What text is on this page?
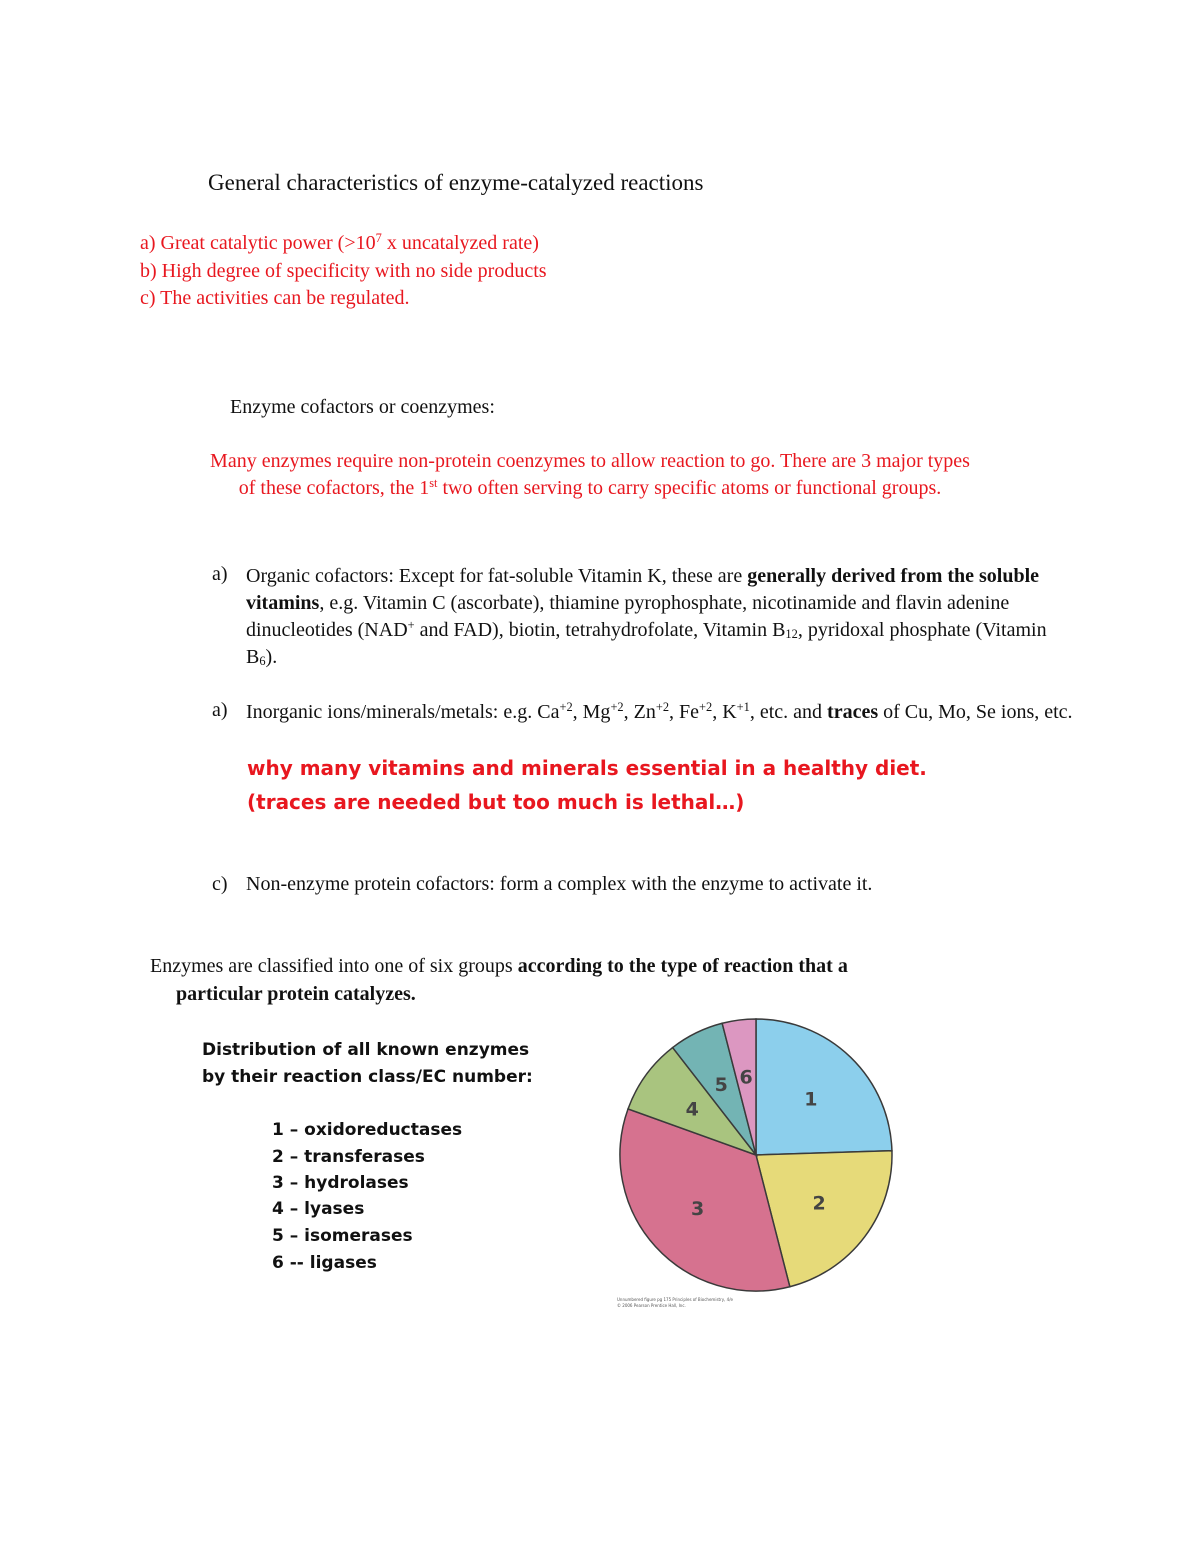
General characteristics of enzyme-catalyzed reactions
a) Great catalytic power ($>10^7$ x uncatalyzed rate)
b) High degree of specificity with no side products
c) The activities can be regulated.
Enzyme cofactors or coenzymes:
Many enzymes require non-protein coenzymes to allow reaction to go. There are 3 major types
of these cofactors, the 1st two often serving to carry specific atoms or functional groups.
a) Organic cofactors: Except for fat-soluble Vitamin K, these are generally derived from the soluble vitamins, e.g. Vitamin C (ascorbate), thiamine pyrophosphate, nicotinamide and flavin adenine dinucleotides (NAD+ and FAD), biotin, tetrahydrofolate, Vitamin $B_{12}$, pyridoxal phosphate (Vitamin $B_6$).
a) Inorganic ions/minerals/metals: e.g. $Ca^{+2}$, $Mg^{+2}$, $Zn^{+2}$, $Fe^{+2}$, $K^{+1}$, etc. and traces of Cu, Mo, Se ions, etc.
why many vitamins and minerals essential in a healthy diet.
(traces are needed but too much is lethal…)
c) Non-enzyme protein cofactors: form a complex with the enzyme to activate it.
Enzymes are classified into one of six groups according to the type of reaction that a
particular protein catalyzes.
Distribution of all known enzymes
by their reaction class/EC number:
1 – oxidoreductases
2 – transferases
3 – hydrolases
4 – lyases
5 – isomerases
6 -- ligases
1
2
3
4
5 6
Unnumbered figure pg 175 Principles of Biochemistry, 4/e
© 2006 Pearson Prentice Hall, Inc.
